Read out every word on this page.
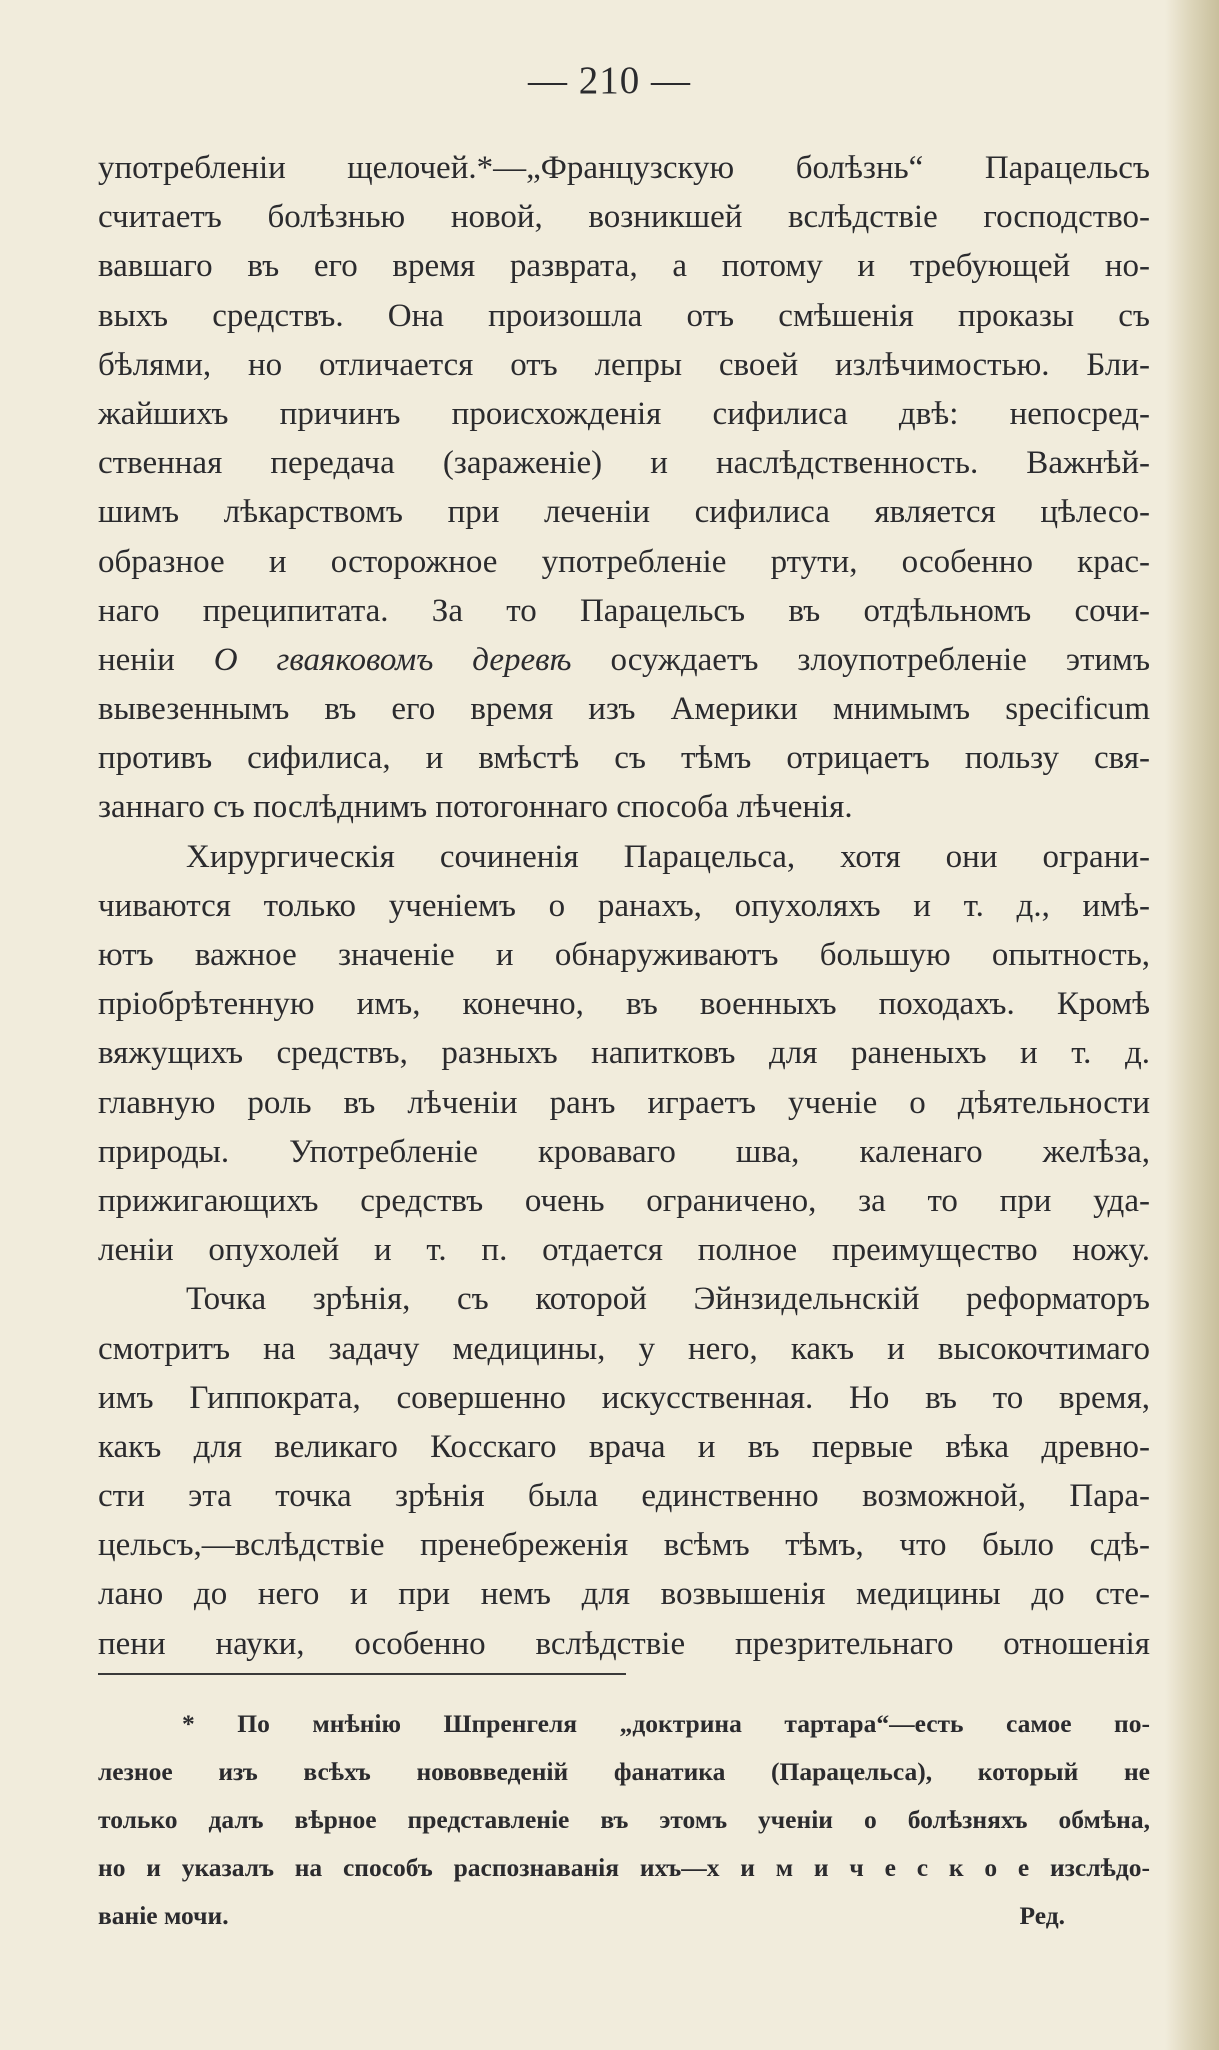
— 210 —
употребленіи щелочей.*—„Французскую болѣзнь“ Парацельсъ
считаетъ болѣзнью новой, возникшей вслѣдствіе господство-
вавшаго въ его время разврата, а потому и требующей но-
выхъ средствъ. Она произошла отъ смѣшенія проказы съ
бѣлями, но отличается отъ лепры своей излѣчимостью. Бли-
жайшихъ причинъ происхожденія сифилиса двѣ: непосред-
ственная передача (зараженіе) и наслѣдственность. Важнѣй-
шимъ лѣкарствомъ при леченіи сифилиса является цѣлесо-
образное и осторожное употребленіе ртути, особенно крас-
наго преципитата. За то Парацельсъ въ отдѣльномъ сочи-
неніи О гваяковомъ деревѣ осуждаетъ злоупотребленіе этимъ
вывезеннымъ въ его время изъ Америки мнимымъ specificum
противъ сифилиса, и вмѣстѣ съ тѣмъ отрицаетъ пользу свя-
заннаго съ послѣднимъ потогоннаго способа лѣченія.
Хирургическія сочиненія Парацельса, хотя они ограни-
чиваются только ученіемъ о ранахъ, опухоляхъ и т. д., имѣ-
ютъ важное значеніе и обнаруживаютъ большую опытность,
пріобрѣтенную имъ, конечно, въ военныхъ походахъ. Кромѣ
вяжущихъ средствъ, разныхъ напитковъ для раненыхъ и т. д.
главную роль въ лѣченіи ранъ играетъ ученіе о дѣятельности
природы. Употребленіе кроваваго шва, каленаго желѣза,
прижигающихъ средствъ очень ограничено, за то при уда-
леніи опухолей и т. п. отдается полное преимущество ножу.
Точка зрѣнія, съ которой Эйнзидельнскій реформаторъ
смотритъ на задачу медицины, у него, какъ и высокочтимаго
имъ Гиппократа, совершенно искусственная. Но въ то время,
какъ для великаго Косскаго врача и въ первые вѣка древно-
сти эта точка зрѣнія была единственно возможной, Пара-
цельсъ,—вслѣдствіе пренебреженія всѣмъ тѣмъ, что было сдѣ-
лано до него и при немъ для возвышенія медицины до сте-
пени науки, особенно вслѣдствіе презрительнаго отношенія
* По мнѣнію Шпренгеля „доктрина тартара“—есть самое по-
лезное изъ всѣхъ нововведеній фанатика (Парацельса), который не
только далъ вѣрное представленіе въ этомъ ученіи о болѣзняхъ обмѣна,
но и указалъ на способъ распознаванія ихъ—х и м и ч е с к о е изслѣдо-
ваніе мочи.	Ред.
